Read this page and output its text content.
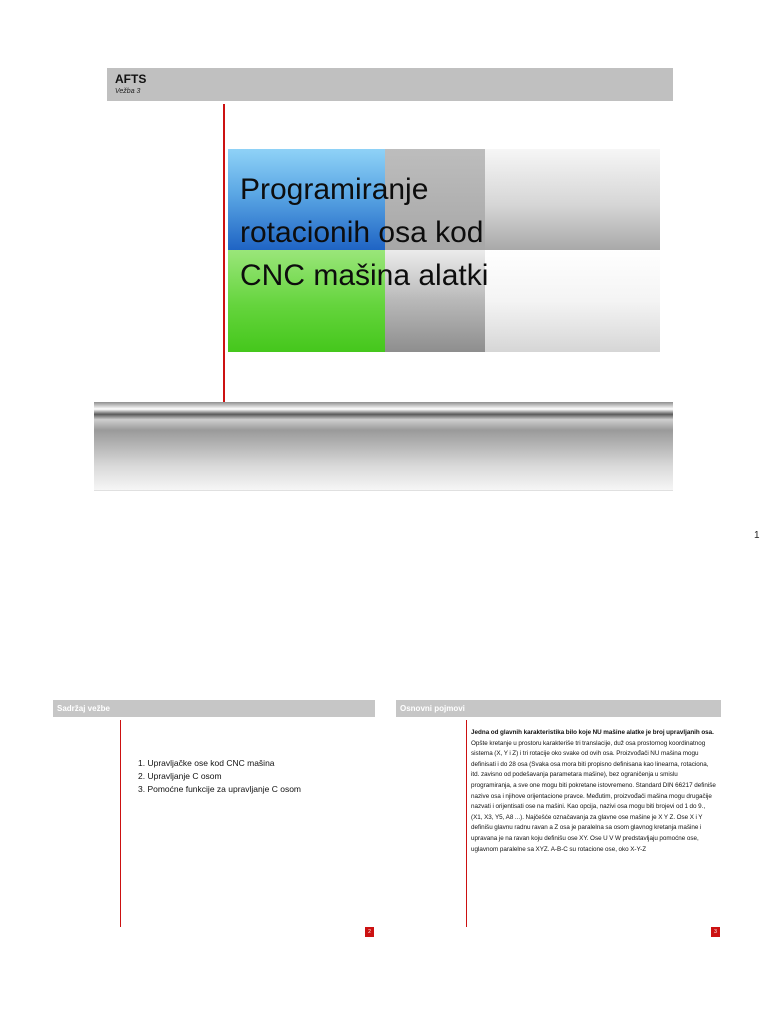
AFTS
Vežba 3
Programiranje
rotacionih osa kod
CNC mašina alatki
1
Sadržaj vežbe
1. Upravljačke ose kod CNC mašina
2. Upravljanje C osom
3. Pomoćne funkcije za upravljanje C osom
2
Osnovni pojmovi
Jedna od glavnih karakteristika bilo koje NU mašine alatke je broj upravljanih osa. Opšte kretanje u prostoru karakteriše tri translacije, duž osa prostornog koordinatnog sistema (X, Y i Z) i tri rotacije oko svake od ovih osa. Proizvođači NU mašina mogu definisati i do 28 osa (Svaka osa mora biti propisno definisana kao linearna, rotaciona, itd. zavisno od podešavanja parametara mašine), bez ograničenja u smislu programiranja, a sve one mogu biti pokretane istovremeno. Standard DIN 66217 definiše nazive osa i njihove orijentacione pravce. Međutim, proizvođači mašina mogu drugačije nazvati i orijentisati ose na mašini. Kao opcija, nazivi osa mogu biti brojevi od 1 do 9., (X1, X3, Y5, A8 ...). Najčešće označavanja za glavne ose mašine je X Y Z. Ose X i Y definišu glavnu radnu ravan a Z osa je paralelna sa osom glavnog kretanja mašine i upravana je na ravan koju definišu ose XY. Ose U V W predstavljaju pomoćne ose, uglavnom paralelne sa XYZ. A-B-C su rotacione ose, oko X-Y-Z
3
